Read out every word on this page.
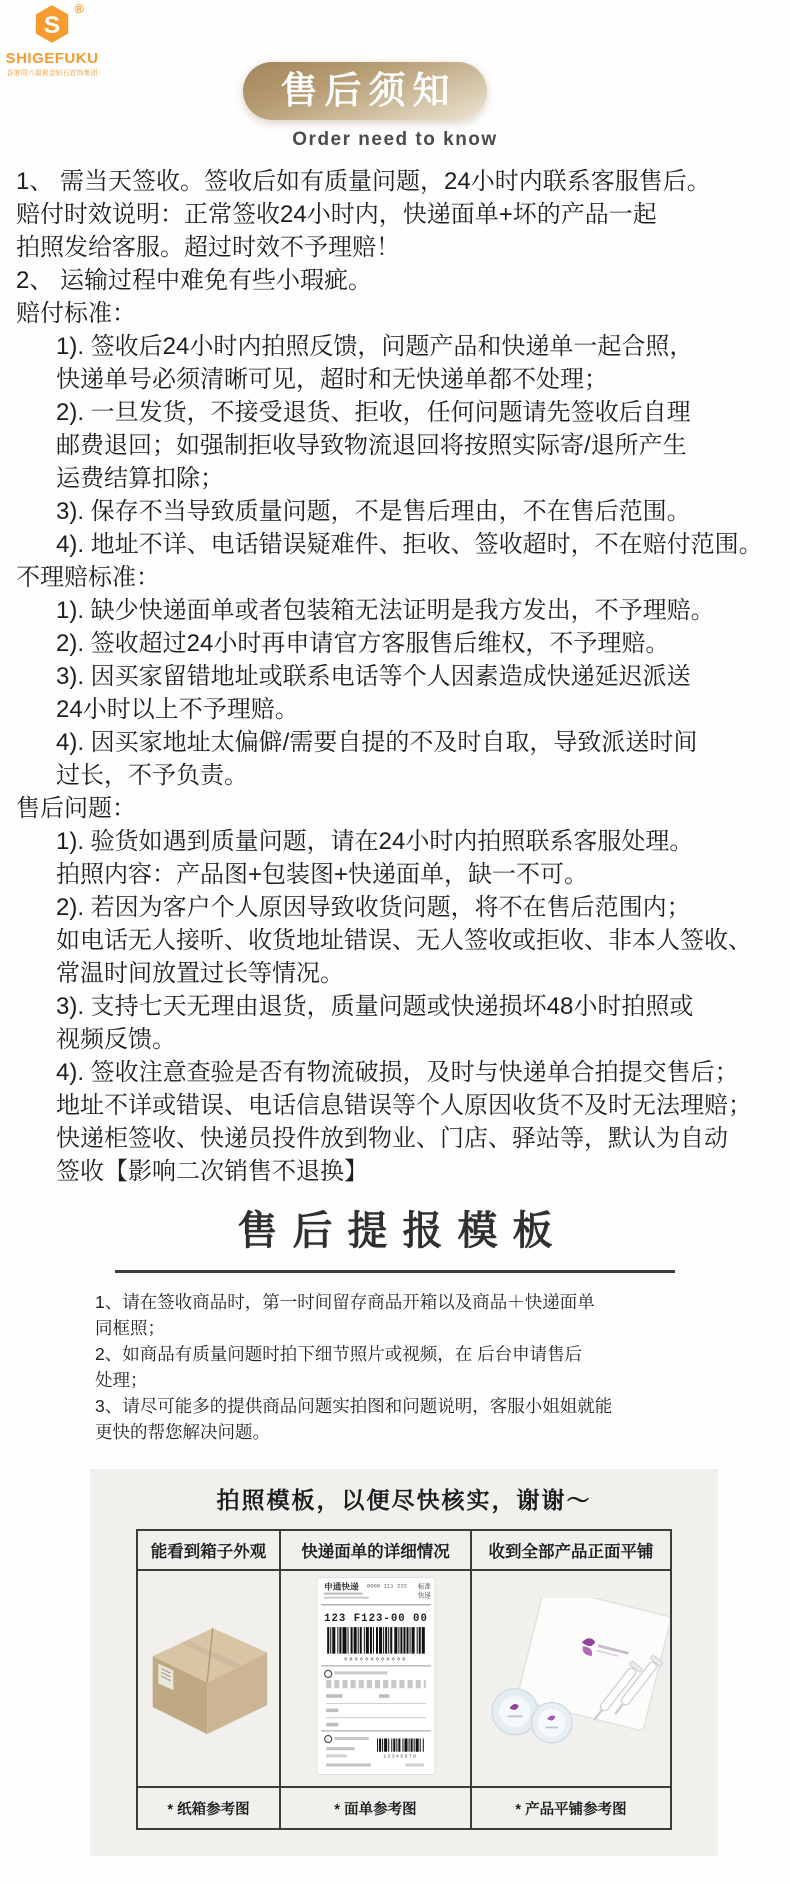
S
®
SHIGEFUKU
香港周六福黄金钻石首饰集团	售后须知
Order need to know
1、 需当天签收。签收后如有质量问题，24小时内联系客服售后。
赔付时效说明：正常签收24小时内，快递面单+坏的产品一起
拍照发给客服。超过时效不予理赔！
2、 运输过程中难免有些小瑕疵。
赔付标准：
1). 签收后24小时内拍照反馈，问题产品和快递单一起合照，
快递单号必须清晰可见，超时和无快递单都不处理；
2). 一旦发货，不接受退货、拒收，任何问题请先签收后自理
邮费退回；如强制拒收导致物流退回将按照实际寄/退所产生
运费结算扣除；
3). 保存不当导致质量问题，不是售后理由，不在售后范围。
4). 地址不详、电话错误疑难件、拒收、签收超时，不在赔付范围。
不理赔标准：
1). 缺少快递面单或者包装箱无法证明是我方发出，不予理赔。
2). 签收超过24小时再申请官方客服售后维权，不予理赔。
3). 因买家留错地址或联系电话等个人因素造成快递延迟派送
24小时以上不予理赔。
4). 因买家地址太偏僻/需要自提的不及时自取，导致派送时间
过长，不予负责。
售后问题：
1). 验货如遇到质量问题，请在24小时内拍照联系客服处理。
拍照内容：产品图+包装图+快递面单，缺一不可。
2). 若因为客户个人原因导致收货问题，将不在售后范围内；
如电话无人接听、收货地址错误、无人签收或拒收、非本人签收、
常温时间放置过长等情况。
3). 支持七天无理由退货，质量问题或快递损坏48小时拍照或
视频反馈。
4). 签收注意查验是否有物流破损，及时与快递单合拍提交售后；
地址不详或错误、电话信息错误等个人原因收货不及时无法理赔；
快递柜签收、快递员投件放到物业、门店、驿站等，默认为自动
签收【影响二次销售不退换】
售后提报模板
1、请在签收商品时，第一时间留存商品开箱以及商品＋快递面单
同框照；
2、如商品有质量问题时拍下细节照片或视频，在 后台申请售后
处理；
3、请尽可能多的提供商品问题实拍图和问题说明，客服小姐姐就能
更快的帮您解决问题。
拍照模板，以便尽快核实，谢谢～
能看到箱子外观	快递面单的详细情况	收到全部产品正面平铺

申通快递 0000 111 222 标准
快递
123 F123-00 00
000000000000
12345678

* 纸箱参考图	* 面单参考图	* 产品平铺参考图
